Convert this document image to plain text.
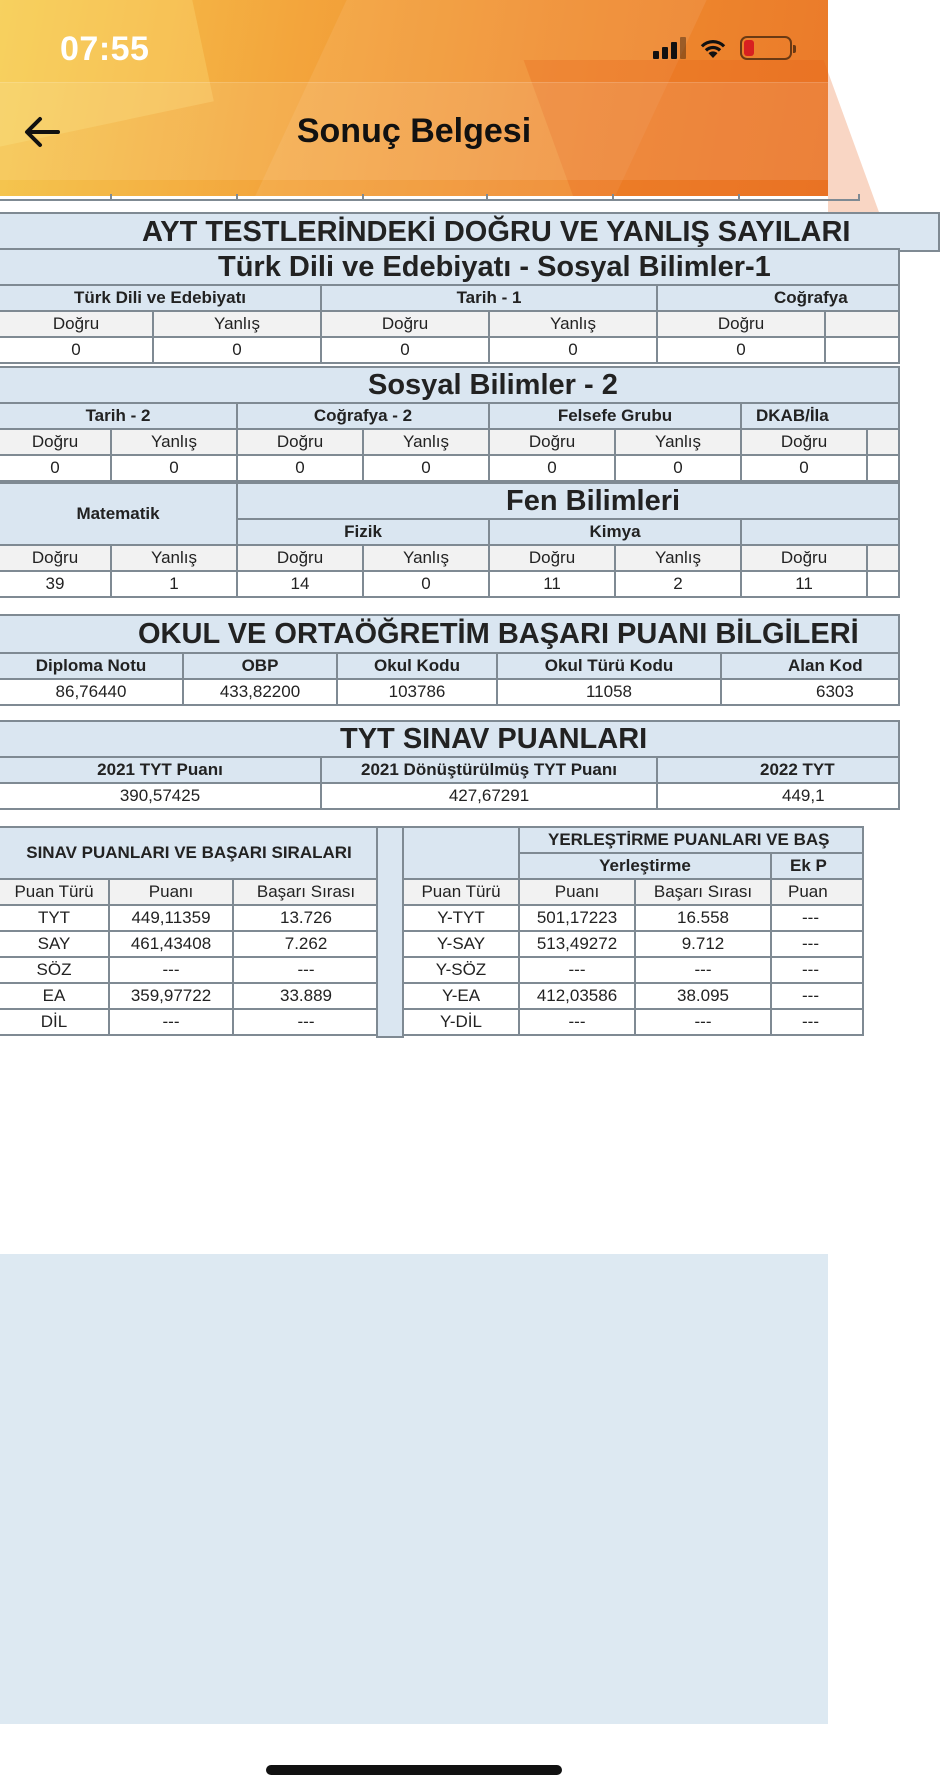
07:55
Sonuç Belgesi

AYT TESTLERİNDEKİ DOĞRU VE YANLIŞ SAYILARI
Türk Dili ve Edebiyatı - Sosyal Bilimler-1					
Türk Dili ve Edebiyatı		Tarih - 1		Coğrafya	
Doğru	Yanlış	Doğru	Yanlış	Doğru	
0	0	0	0	0	
Sosyal Bilimler - 2							
Tarih - 2		Coğrafya - 2		Felsefe Grubu		DKAB/İla	
Doğru	Yanlış	Doğru	Yanlış	Doğru	Yanlış	Doğru	
0	0	0	0	0	0	0	
Matematik		Fen Bilimleri					
		Fizik		Kimya			
Doğru	Yanlış	Doğru	Yanlış	Doğru	Yanlış	Doğru	
39	1	14	0	11	2	11	
OKUL VE ORTAÖĞRETİM BAŞARI PUANI BİLGİLERİ				
Diploma Notu	OBP	Okul Kodu	Okul Türü Kodu	Alan Kod
86,76440	433,82200	103786	11058	6303
TYT SINAV PUANLARI		
2021 TYT Puanı	2021 Dönüştürülmüş TYT Puanı	2022 TYT
390,57425	427,67291	449,1
SINAV PUANLARI VE BAŞARI SIRALARI		
Puan Türü	Puanı	Başarı Sırası
TYT	449,11359	13.726
SAY	461,43408	7.262
SÖZ	---	---
EA	359,97722	33.889
DİL	---	---
	YERLEŞTİRME PUANLARI VE BAŞ		
	Yerleştirme		Ek P
Puan Türü	Puanı	Başarı Sırası	Puan
Y-TYT	501,17223	16.558	---
Y-SAY	513,49272	9.712	---
Y-SÖZ	---	---	---
Y-EA	412,03586	38.095	---
Y-DİL	---	---	---
